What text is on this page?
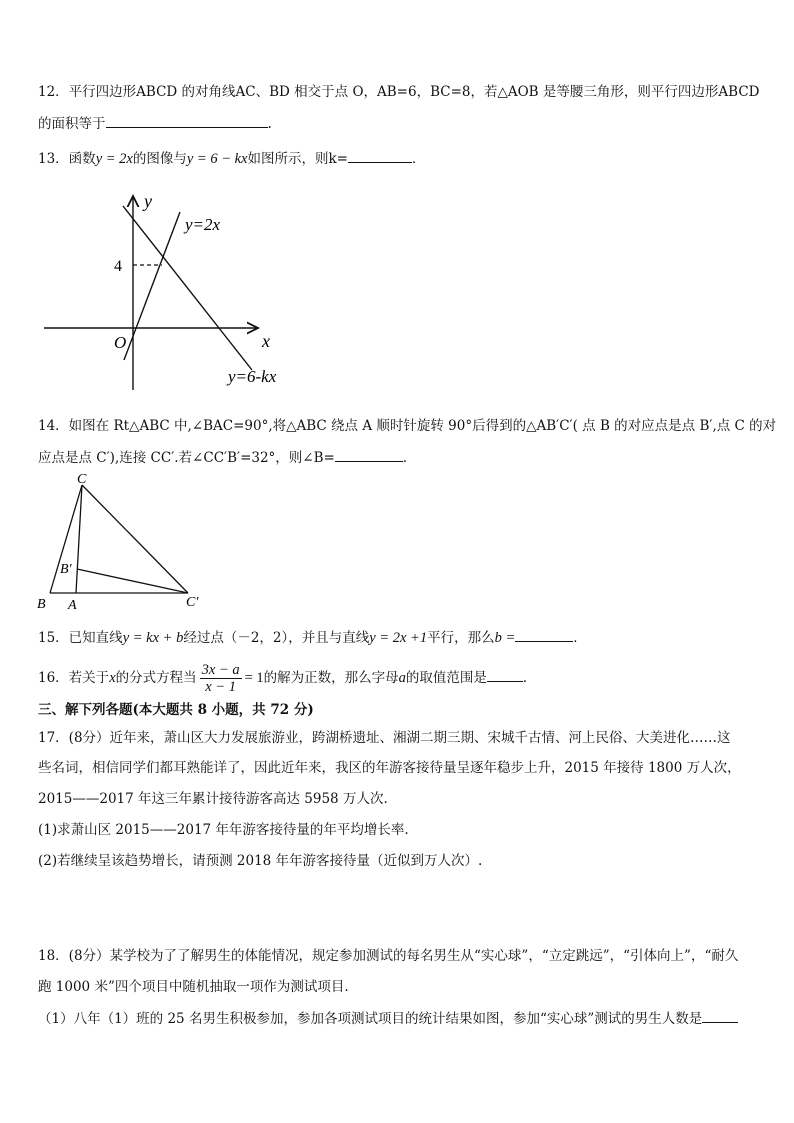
12．平行四边形ABCD 的对角线AC、BD 相交于点 O，AB=6，BC=8，若△AOB 是等腰三角形，则平行四边形ABCD
的面积等于	.
13．函数y = 2x的图像与y = 6 − kx如图所示，则k=	．
y
x
O
4
y=2x
y=6-kx
14．如图在 Rt△ABC 中,∠BAC=90°,将△ABC 绕点 A 顺时针旋转 90°后得到的△AB′C′( 点 B 的对应点是点 B′,点 C 的对
应点是点 C′),连接 CC′.若∠CC′B′=32°，则∠B=	．
C
B′
B A	C′
15．已知直线y = kx + b经过点（－2，2），并且与直线y = 2x +1平行，那么b =	．
16．若关于x的分式方程当 $\frac{3x - a}{x - 1} = 1$的解为正数，那么字母a的取值范围是	．
三、解下列各题(本大题共 8 小题，共 72 分)
17．(8分）近年来，萧山区大力发展旅游业，跨湖桥遗址、湘湖二期三期、宋城千古情、河上民俗、大美进化……这
些名词，相信同学们都耳熟能详了，因此近年来，我区的年游客接待量呈逐年稳步上升，2015 年接待 1800 万人次，
2015——2017 年这三年累计接待游客高达 5958 万人次.
(1)求萧山区 2015——2017 年年游客接待量的年平均增长率.
(2)若继续呈该趋势增长，请预测 2018 年年游客接待量（近似到万人次）.
18．(8分）某学校为了了解男生的体能情况，规定参加测试的每名男生从“实心球”，“立定跳远”，“引体向上”，“耐久
跑 1000 米”四个项目中随机抽取一项作为测试项目.
（1）八年（1）班的 25 名男生积极参加，参加各项测试项目的统计结果如图，参加“实心球”测试的男生人数是
